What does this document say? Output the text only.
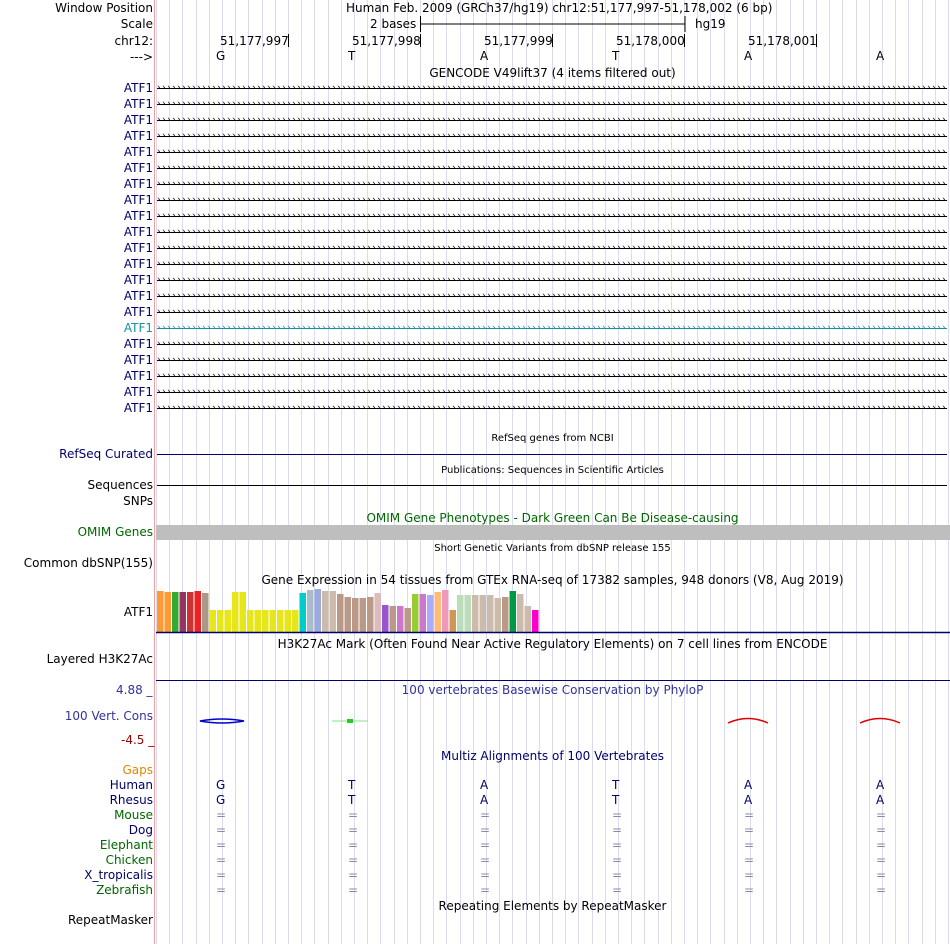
Window Position	Human Feb. 2009 (GRCh37/hg19) chr12:51,177,997-51,178,002 (6 bp)
Scale	2 bases	hg19
chr12:	51,177,997	51,177,998	51,177,999	51,178,000	51,178,001
--->	G	T	A	T	A	A
GENCODE V49lift37 (4 items filtered out)
ATF1 › › › › › › › › › › › › › › › › › › › › › › › › › › › › › › › › › › › › › › › › › › › › › › › › › › › › › › › › › › › › › › › › › › › › › › › › › › › › › › › › › › › › › › › › › › › › › › › › › › › › › › › › › › › › › › › › › › › › › › › › › › › › › › › › › › › › › › › › › › › › › › › › › › › › › › › › › › › › › ›
ATF1 › › › › › › › › › › › › › › › › › › › › › › › › › › › › › › › › › › › › › › › › › › › › › › › › › › › › › › › › › › › › › › › › › › › › › › › › › › › › › › › › › › › › › › › › › › › › › › › › › › › › › › › › › › › › › › › › › › › › › › › › › › › › › › › › › › › › › › › › › › › › › › › › › › › › › › › › › › › › › ›
ATF1 › › › › › › › › › › › › › › › › › › › › › › › › › › › › › › › › › › › › › › › › › › › › › › › › › › › › › › › › › › › › › › › › › › › › › › › › › › › › › › › › › › › › › › › › › › › › › › › › › › › › › › › › › › › › › › › › › › › › › › › › › › › › › › › › › › › › › › › › › › › › › › › › › › › › › › › › › › › › › ›
ATF1 › › › › › › › › › › › › › › › › › › › › › › › › › › › › › › › › › › › › › › › › › › › › › › › › › › › › › › › › › › › › › › › › › › › › › › › › › › › › › › › › › › › › › › › › › › › › › › › › › › › › › › › › › › › › › › › › › › › › › › › › › › › › › › › › › › › › › › › › › › › › › › › › › › › › › › › › › › › › › ›
ATF1 › › › › › › › › › › › › › › › › › › › › › › › › › › › › › › › › › › › › › › › › › › › › › › › › › › › › › › › › › › › › › › › › › › › › › › › › › › › › › › › › › › › › › › › › › › › › › › › › › › › › › › › › › › › › › › › › › › › › › › › › › › › › › › › › › › › › › › › › › › › › › › › › › › › › › › › › › › › › › ›
ATF1 › › › › › › › › › › › › › › › › › › › › › › › › › › › › › › › › › › › › › › › › › › › › › › › › › › › › › › › › › › › › › › › › › › › › › › › › › › › › › › › › › › › › › › › › › › › › › › › › › › › › › › › › › › › › › › › › › › › › › › › › › › › › › › › › › › › › › › › › › › › › › › › › › › › › › › › › › › › › › ›
ATF1 › › › › › › › › › › › › › › › › › › › › › › › › › › › › › › › › › › › › › › › › › › › › › › › › › › › › › › › › › › › › › › › › › › › › › › › › › › › › › › › › › › › › › › › › › › › › › › › › › › › › › › › › › › › › › › › › › › › › › › › › › › › › › › › › › › › › › › › › › › › › › › › › › › › › › › › › › › › › › ›
ATF1 › › › › › › › › › › › › › › › › › › › › › › › › › › › › › › › › › › › › › › › › › › › › › › › › › › › › › › › › › › › › › › › › › › › › › › › › › › › › › › › › › › › › › › › › › › › › › › › › › › › › › › › › › › › › › › › › › › › › › › › › › › › › › › › › › › › › › › › › › › › › › › › › › › › › › › › › › › › › › ›
ATF1 › › › › › › › › › › › › › › › › › › › › › › › › › › › › › › › › › › › › › › › › › › › › › › › › › › › › › › › › › › › › › › › › › › › › › › › › › › › › › › › › › › › › › › › › › › › › › › › › › › › › › › › › › › › › › › › › › › › › › › › › › › › › › › › › › › › › › › › › › › › › › › › › › › › › › › › › › › › › › ›
ATF1 › › › › › › › › › › › › › › › › › › › › › › › › › › › › › › › › › › › › › › › › › › › › › › › › › › › › › › › › › › › › › › › › › › › › › › › › › › › › › › › › › › › › › › › › › › › › › › › › › › › › › › › › › › › › › › › › › › › › › › › › › › › › › › › › › › › › › › › › › › › › › › › › › › › › › › › › › › › › › ›
ATF1 › › › › › › › › › › › › › › › › › › › › › › › › › › › › › › › › › › › › › › › › › › › › › › › › › › › › › › › › › › › › › › › › › › › › › › › › › › › › › › › › › › › › › › › › › › › › › › › › › › › › › › › › › › › › › › › › › › › › › › › › › › › › › › › › › › › › › › › › › › › › › › › › › › › › › › › › › › › › › ›
ATF1 › › › › › › › › › › › › › › › › › › › › › › › › › › › › › › › › › › › › › › › › › › › › › › › › › › › › › › › › › › › › › › › › › › › › › › › › › › › › › › › › › › › › › › › › › › › › › › › › › › › › › › › › › › › › › › › › › › › › › › › › › › › › › › › › › › › › › › › › › › › › › › › › › › › › › › › › › › › › › ›
ATF1 › › › › › › › › › › › › › › › › › › › › › › › › › › › › › › › › › › › › › › › › › › › › › › › › › › › › › › › › › › › › › › › › › › › › › › › › › › › › › › › › › › › › › › › › › › › › › › › › › › › › › › › › › › › › › › › › › › › › › › › › › › › › › › › › › › › › › › › › › › › › › › › › › › › › › › › › › › › › › ›
ATF1 › › › › › › › › › › › › › › › › › › › › › › › › › › › › › › › › › › › › › › › › › › › › › › › › › › › › › › › › › › › › › › › › › › › › › › › › › › › › › › › › › › › › › › › › › › › › › › › › › › › › › › › › › › › › › › › › › › › › › › › › › › › › › › › › › › › › › › › › › › › › › › › › › › › › › › › › › › › › › ›
ATF1 › › › › › › › › › › › › › › › › › › › › › › › › › › › › › › › › › › › › › › › › › › › › › › › › › › › › › › › › › › › › › › › › › › › › › › › › › › › › › › › › › › › › › › › › › › › › › › › › › › › › › › › › › › › › › › › › › › › › › › › › › › › › › › › › › › › › › › › › › › › › › › › › › › › › › › › › › › › › › ›
ATF1 › › › › › › › › › › › › › › › › › › › › › › › › › › › › › › › › › › › › › › › › › › › › › › › › › › › › › › › › › › › › › › › › › › › › › › › › › › › › › › › › › › › › › › › › › › › › › › › › › › › › › › › › › › › › › › › › › › › › › › › › › › › › › › › › › › › › › › › › › › › › › › › › › › › › › › › › › › › › › ›
ATF1 › › › › › › › › › › › › › › › › › › › › › › › › › › › › › › › › › › › › › › › › › › › › › › › › › › › › › › › › › › › › › › › › › › › › › › › › › › › › › › › › › › › › › › › › › › › › › › › › › › › › › › › › › › › › › › › › › › › › › › › › › › › › › › › › › › › › › › › › › › › › › › › › › › › › › › › › › › › › › ›
ATF1 › › › › › › › › › › › › › › › › › › › › › › › › › › › › › › › › › › › › › › › › › › › › › › › › › › › › › › › › › › › › › › › › › › › › › › › › › › › › › › › › › › › › › › › › › › › › › › › › › › › › › › › › › › › › › › › › › › › › › › › › › › › › › › › › › › › › › › › › › › › › › › › › › › › › › › › › › › › › › ›
ATF1 › › › › › › › › › › › › › › › › › › › › › › › › › › › › › › › › › › › › › › › › › › › › › › › › › › › › › › › › › › › › › › › › › › › › › › › › › › › › › › › › › › › › › › › › › › › › › › › › › › › › › › › › › › › › › › › › › › › › › › › › › › › › › › › › › › › › › › › › › › › › › › › › › › › › › › › › › › › › › ›
ATF1 › › › › › › › › › › › › › › › › › › › › › › › › › › › › › › › › › › › › › › › › › › › › › › › › › › › › › › › › › › › › › › › › › › › › › › › › › › › › › › › › › › › › › › › › › › › › › › › › › › › › › › › › › › › › › › › › › › › › › › › › › › › › › › › › › › › › › › › › › › › › › › › › › › › › › › › › › › › › › ›
ATF1 › › › › › › › › › › › › › › › › › › › › › › › › › › › › › › › › › › › › › › › › › › › › › › › › › › › › › › › › › › › › › › › › › › › › › › › › › › › › › › › › › › › › › › › › › › › › › › › › › › › › › › › › › › › › › › › › › › › › › › › › › › › › › › › › › › › › › › › › › › › › › › › › › › › › › › › › › › › › › ›
RefSeq genes from NCBI
RefSeq Curated
Publications: Sequences in Scientific Articles
Sequences
SNPs
OMIM Gene Phenotypes - Dark Green Can Be Disease-causing
OMIM Genes
Short Genetic Variants from dbSNP release 155
Common dbSNP(155)
Gene Expression in 54 tissues from GTEx RNA-seq of 17382 samples, 948 donors (V8, Aug 2019)
ATF1
H3K27Ac Mark (Often Found Near Active Regulatory Elements) on 7 cell lines from ENCODE
Layered H3K27Ac
100 vertebrates Basewise Conservation by PhyloP
4.88 _
100 Vert. Cons
-4.5 _
Multiz Alignments of 100 Vertebrates
Gaps
Human	G	T	A	T	A	A
Rhesus	G	T	A	T	A	A
Mouse	=	=	=	=	=	=
Dog	=	=	=	=	=	=
Elephant	=	=	=	=	=	=
Chicken	=	=	=	=	=	=
X_tropicalis	=	=	=	=	=	=
Zebrafish	=	=	=	=	=	=
Repeating Elements by RepeatMasker
RepeatMasker
